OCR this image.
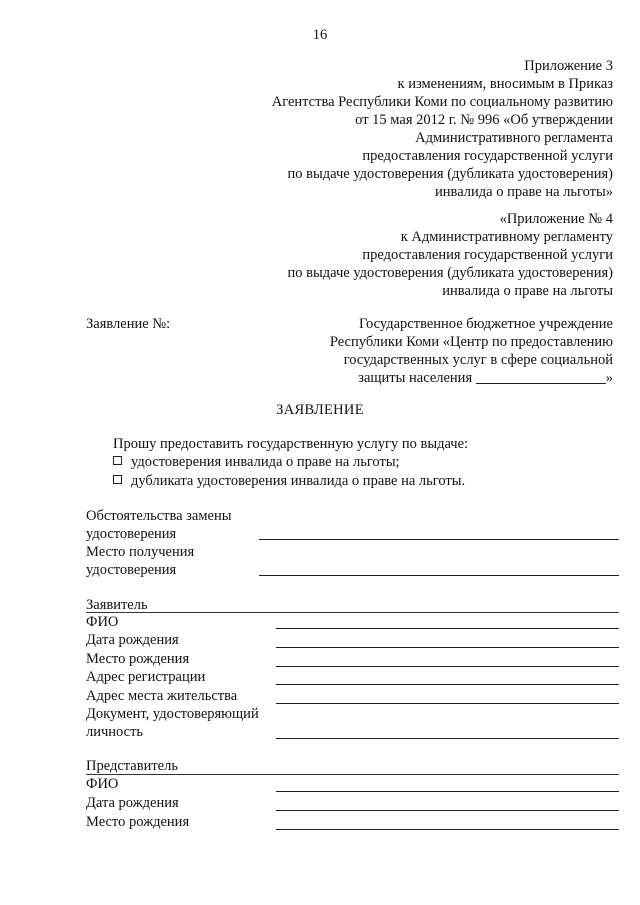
16
Приложение 3
к изменениям, вносимым в Приказ
Агентства Республики Коми по социальному развитию
от 15 мая 2012 г. № 996 «Об утверждении
Административного регламента
предоставления государственной услуги
по выдаче удостоверения (дубликата удостоверения)
инвалида о праве на льготы»
«Приложение № 4
к Административному регламенту
предоставления государственной услуги
по выдаче удостоверения (дубликата удостоверения)
инвалида о праве на льготы
Заявление №:	Государственное бюджетное учреждение
Республики Коми «Центр по предоставлению
государственных услуг в сфере социальной
защиты населения	»
ЗАЯВЛЕНИЕ
Прошу предоставить государственную услугу по выдаче:
удостоверения инвалида о праве на льготы;
дубликата удостоверения инвалида о праве на льготы.
Обстоятельства замены
удостоверения
Место получения
удостоверения
Заявитель
ФИО
Дата рождения
Место рождения
Адрес регистрации
Адрес места жительства
Документ, удостоверяющий
личность
Представитель
ФИО
Дата рождения
Место рождения
